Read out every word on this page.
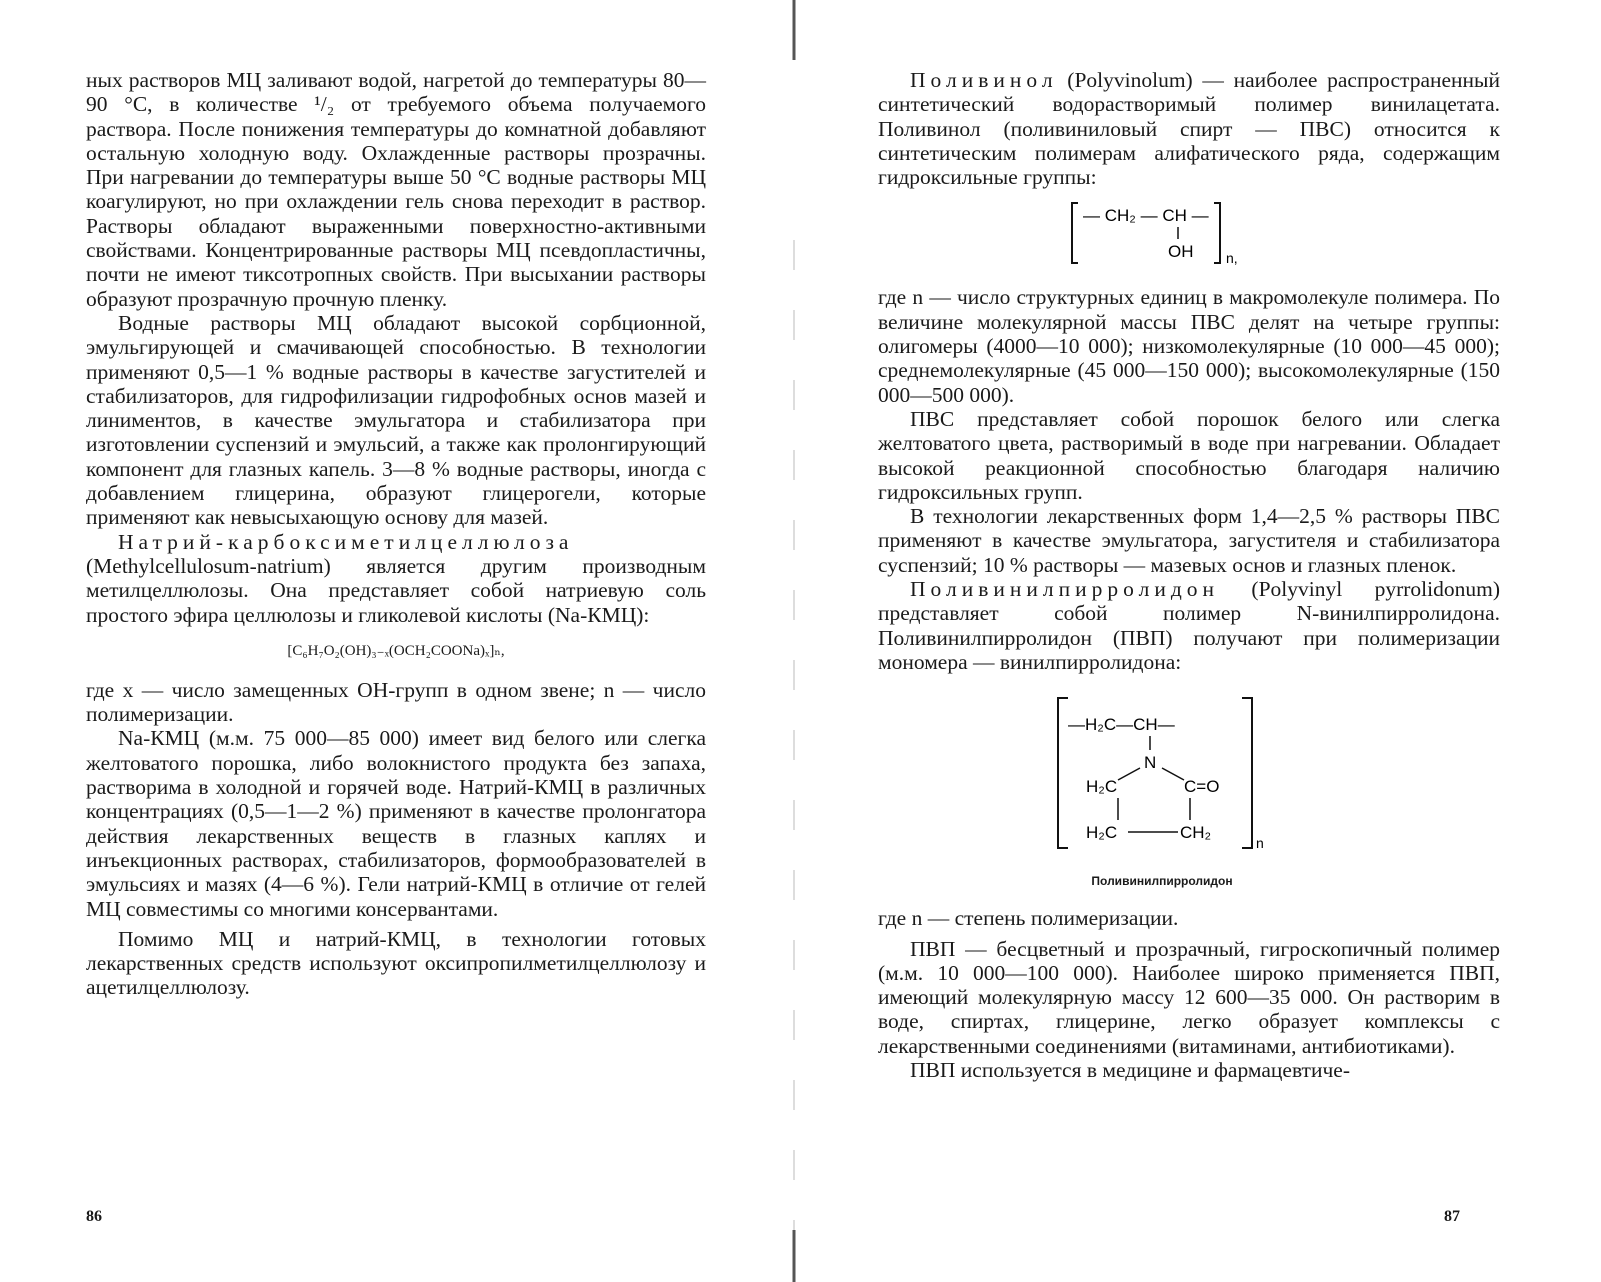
ных растворов МЦ заливают водой, нагретой до температуры 80—90 °С, в количестве ¹/₂ от требуемого объема получаемого раствора. После понижения температуры до комнатной добавляют остальную холодную воду. Охлажденные растворы прозрачны. При нагревании до температуры выше 50 °С водные растворы МЦ коагулируют, но при охлаждении гель снова переходит в раствор. Растворы обладают выраженными поверхностно-активными свойствами. Концентрированные растворы МЦ псевдопластичны, почти не имеют тиксотропных свойств. При высыхании растворы образуют прозрачную прочную пленку.

Водные растворы МЦ обладают высокой сорбционной, эмульгирующей и смачивающей способностью. В технологии применяют 0,5—1 % водные растворы в качестве загустителей и стабилизаторов, для гидрофилизации гидрофобных основ мазей и линиментов, в качестве эмульгатора и стабилизатора при изготовлении суспензий и эмульсий, а также как пролонгирующий компонент для глазных капель. 3—8 % водные растворы, иногда с добавлением глицерина, образуют глицерогели, которые применяют как невысыхающую основу для мазей.

Натрий-карбоксиметилцеллюлоза (Methylcellulosum-natrium) является другим производным метилцеллюлозы. Она представляет собой натриевую соль простого эфира целлюлозы и гликолевой кислоты (Na-КМЦ):

[C₆H₇O₂(OH)₃₋ₓ(OCH₂COONa)ₓ]ₙ,

где x — число замещенных ОН-групп в одном звене; n — число полимеризации.

Na-КМЦ (м.м. 75 000—85 000) имеет вид белого или слегка желтоватого порошка, либо волокнистого продукта без запаха, растворима в холодной и горячей воде. Натрий-КМЦ в различных концентрациях (0,5—1—2 %) применяют в качестве пролонгатора действия лекарственных веществ в глазных каплях и инъекционных растворах, стабилизаторов, формообразователей в эмульсиях и мазях (4—6 %). Гели натрий-КМЦ в отличие от гелей МЦ совместимы со многими консервантами.

Помимо МЦ и натрий-КМЦ, в технологии готовых лекарственных средств используют оксипропилметилцеллюлозу и ацетилцеллюлозу.

86

Поливинол (Polyvinolum) — наиболее распространенный синтетический водорастворимый полимер винилацетата. Поливинол (поливиниловый спирт — ПВС) относится к синтетическим полимерам алифатического ряда, содержащим гидроксильные группы:

— CH₂ — CH —
OH n,

где n — число структурных единиц в макромолекуле полимера. По величине молекулярной массы ПВС делят на четыре группы: олигомеры (4000—10 000); низкомолекулярные (10 000—45 000); среднемолекулярные (45 000—150 000); высокомолекулярные (150 000—500 000).

ПВС представляет собой порошок белого или слегка желтоватого цвета, растворимый в воде при нагревании. Обладает высокой реакционной способностью благодаря наличию гидроксильных групп.

В технологии лекарственных форм 1,4—2,5 % растворы ПВС применяют в качестве эмульгатора, загустителя и стабилизатора суспензий; 10 % растворы — мазевых основ и глазных пленок.

Поливинилпирролидон (Polyvinyl pyrrolidonum) представляет собой полимер N-винилпирролидона. Поливинилпирролидон (ПВП) получают при полимеризации мономера — винилпирролидона:

—H₂C—CH—
N
H₂C	C=O
H₂C	CH₂
n
Поливинилпирролидон

где n — степень полимеризации.

ПВП — бесцветный и прозрачный, гигроскопичный полимер (м.м. 10 000—100 000). Наиболее широко применяется ПВП, имеющий молекулярную массу 12 600—35 000. Он растворим в воде, спиртах, глицерине, легко образует комплексы с лекарственными соединениями (витаминами, антибиотиками).

ПВП используется в медицине и фармацевтиче-

87
